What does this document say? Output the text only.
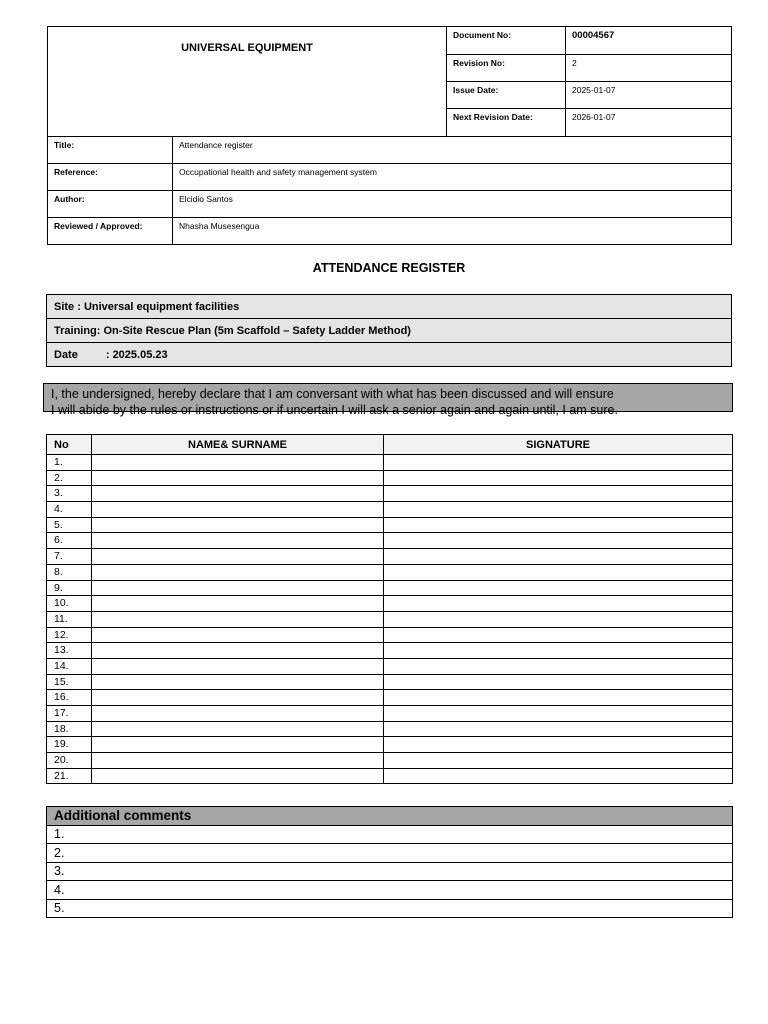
UNIVERSAL EQUIPMENT		Document No:	00004567
		Revision No:	2
		Issue Date:	2025-01-07
		Next Revision Date:	2026-01-07
Title:	Attendance register		
Reference:	Occupational health and safety management system		
Author:	Elcidio Santos		
Reviewed / Approved:	Nhasha Musesengua		
ATTENDANCE REGISTER
Site : Universal equipment facilities
Training: On-Site Rescue Plan (5m Scaffold – Safety Ladder Method)
Date	: 2025.05.23
I, the undersigned, hereby declare that I am conversant with what has been discussed and will ensure
I will abide by the rules or instructions or if uncertain I will ask a senior again and again until, I am sure.
No	NAME& SURNAME	SIGNATURE
1.		
2.		
3.		
4.		
5.		
6.		
7.		
8.		
9.		
10.		
11.		
12.		
13.		
14.		
15.		
16.		
17.		
18.		
19.		
20.		
21.		
Additional comments
1.
2.
3.
4.
5.
